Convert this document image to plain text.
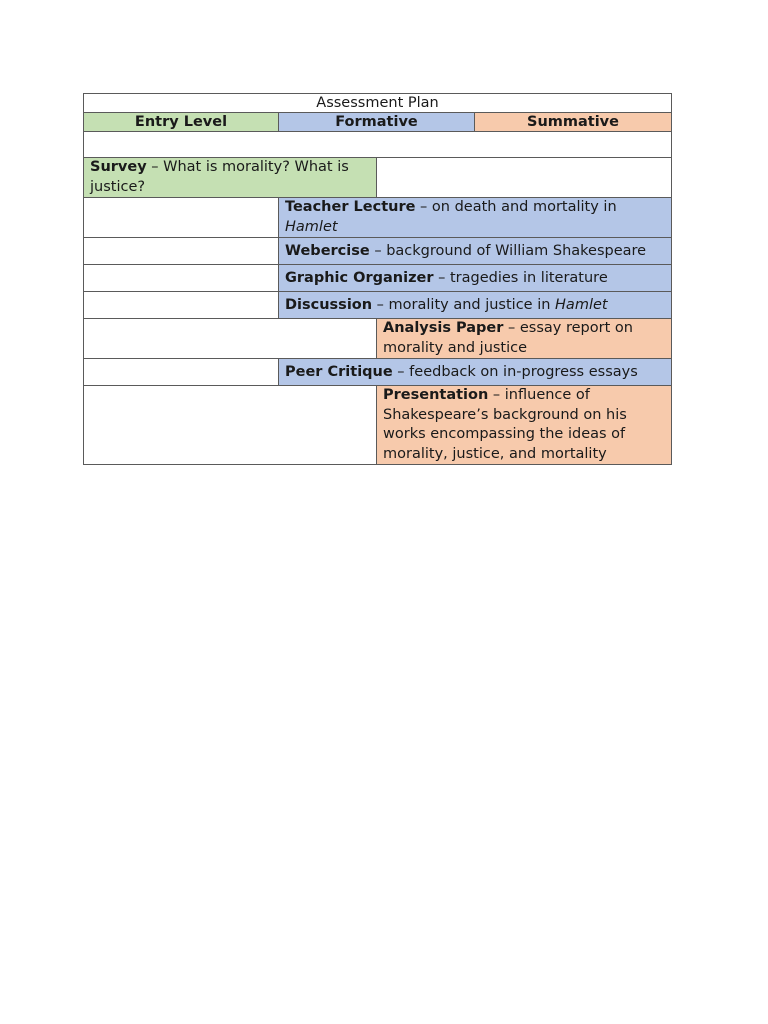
Assessment Plan			
Entry Level	Formative		Summative

Survey – What is morality? What is justice?			
	Teacher Lecture – on death and mortality in Hamlet		
	Webercise – background of William Shakespeare		
	Graphic Organizer – tragedies in literature		
	Discussion – morality and justice in Hamlet		
		Analysis Paper – essay report on morality and justice	
	Peer Critique – feedback on in-progress essays		
		Presentation – influence of Shakespeare’s background on his works encompassing the ideas of morality, justice, and mortality	
